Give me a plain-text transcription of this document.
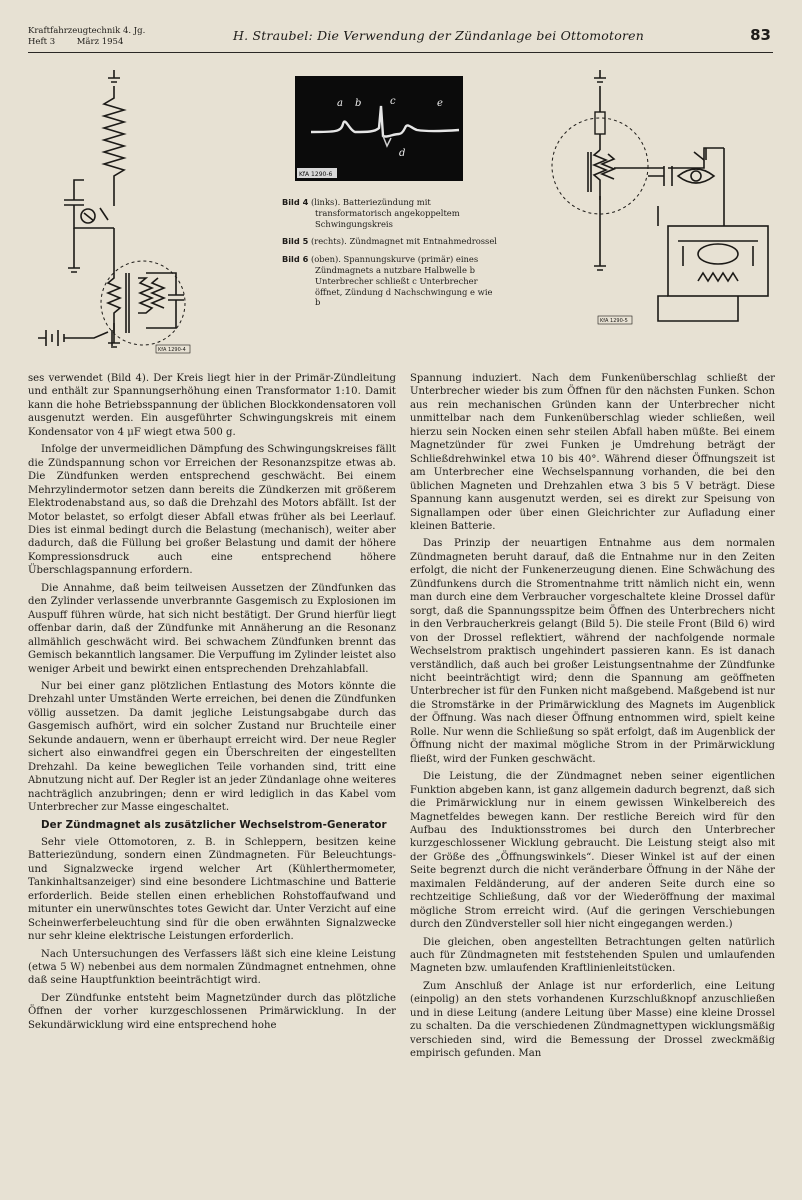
Kraftfahrzeugtechnik 4. Jg.
Heft 3        März 1954	H. Straubel: Die Verwendung der Zündanlage bei Ottomotoren	83
KfA 1290-4
a b	c	e
d
KfA 1290-6
Bild 4 (links). Batteriezündung mit transformatorisch angekoppeltem Schwingungskreis
Bild 5 (rechts). Zündmagnet mit Entnahmedrossel
Bild 6 (oben). Spannungskurve (primär) eines Zündmagnets a nutzbare Halbwelle b Unterbrecher schließt c Unterbrecher öffnet, Zündung d Nachschwingung e wie b
KfA 1290-5

ses verwendet (Bild 4). Der Kreis liegt hier in der Primär-Zündleitung und enthält zur Spannungserhöhung einen Transformator 1:10. Damit kann die hohe Betriebsspannung der üblichen Blockkondensatoren voll ausgenutzt werden. Ein ausgeführter Schwingungskreis mit einem Kondensator von 4 μF wiegt etwa 500 g.

Infolge der unvermeidlichen Dämpfung des Schwingungskreises fällt die Zündspannung schon vor Erreichen der Resonanzspitze etwas ab. Die Zündfunken werden entsprechend geschwächt. Bei einem Mehrzylindermotor setzen dann bereits die Zündkerzen mit größerem Elektrodenabstand aus, so daß die Drehzahl des Motors abfällt. Ist der Motor belastet, so erfolgt dieser Abfall etwas früher als bei Leerlauf. Dies ist einmal bedingt durch die Belastung (mechanisch), weiter aber dadurch, daß die Füllung bei großer Belastung und damit der höhere Kompressionsdruck auch eine entsprechend höhere Überschlagspannung erfordern.

Die Annahme, daß beim teilweisen Aussetzen der Zündfunken das den Zylinder verlassende unverbrannte Gasgemisch zu Explosionen im Auspuff führen würde, hat sich nicht bestätigt. Der Grund hierfür liegt offenbar darin, daß der Zündfunke mit Annäherung an die Resonanz allmählich geschwächt wird. Bei schwachem Zündfunken brennt das Gemisch bekanntlich langsamer. Die Verpuffung im Zylinder leistet also weniger Arbeit und bewirkt einen entsprechenden Drehzahlabfall.

Nur bei einer ganz plötzlichen Entlastung des Motors könnte die Drehzahl unter Umständen Werte erreichen, bei denen die Zündfunken völlig aussetzen. Da damit jegliche Leistungsabgabe durch das Gasgemisch aufhört, wird ein solcher Zustand nur Bruchteile einer Sekunde andauern, wenn er überhaupt erreicht wird. Der neue Regler sichert also einwandfrei gegen ein Überschreiten der eingestellten Drehzahl. Da keine beweglichen Teile vorhanden sind, tritt eine Abnutzung nicht auf. Der Regler ist an jeder Zündanlage ohne weiteres nachträglich anzubringen; denn er wird lediglich in das Kabel vom Unterbrecher zur Masse eingeschaltet.

Der Zündmagnet als zusätzlicher Wechselstrom-Generator

Sehr viele Ottomotoren, z. B. in Schleppern, besitzen keine Batteriezündung, sondern einen Zündmagneten. Für Beleuchtungs- und Signalzwecke irgend welcher Art (Kühlerthermometer, Tankinhaltsanzeiger) sind eine besondere Lichtmaschine und Batterie erforderlich. Beide stellen einen erheblichen Rohstoffaufwand und mitunter ein unerwünschtes totes Gewicht dar. Unter Verzicht auf eine Scheinwerferbeleuchtung sind für die oben erwähnten Signalzwecke nur sehr kleine elektrische Leistungen erforderlich.

Nach Untersuchungen des Verfassers läßt sich eine kleine Leistung (etwa 5 W) nebenbei aus dem normalen Zündmagnet entnehmen, ohne daß seine Hauptfunktion beeinträchtigt wird.

Der Zündfunke entsteht beim Magnetzünder durch das plötzliche Öffnen der vorher kurzgeschlossenen Primärwicklung. In der Sekundärwicklung wird eine entsprechend hohe

Spannung induziert. Nach dem Funkenüberschlag schließt der Unterbrecher wieder bis zum Öffnen für den nächsten Funken. Schon aus rein mechanischen Gründen kann der Unterbrecher nicht unmittelbar nach dem Funkenüberschlag wieder schließen, weil hierzu sein Nocken einen sehr steilen Abfall haben müßte. Bei einem Magnetzünder für zwei Funken je Umdrehung beträgt der Schließdrehwinkel etwa 10 bis 40°. Während dieser Öffnungszeit ist am Unterbrecher eine Wechselspannung vorhanden, die bei den üblichen Magneten und Drehzahlen etwa 3 bis 5 V beträgt. Diese Spannung kann ausgenutzt werden, sei es direkt zur Speisung von Signallampen oder über einen Gleichrichter zur Aufladung einer kleinen Batterie.

Das Prinzip der neuartigen Entnahme aus dem normalen Zündmagneten beruht darauf, daß die Entnahme nur in den Zeiten erfolgt, die nicht der Funkenerzeugung dienen. Eine Schwächung des Zündfunkens durch die Stromentnahme tritt nämlich nicht ein, wenn man durch eine dem Verbraucher vorgeschaltete kleine Drossel dafür sorgt, daß die Spannungsspitze beim Öffnen des Unterbrechers nicht in den Verbraucherkreis gelangt (Bild 5). Die steile Front (Bild 6) wird von der Drossel reflektiert, während der nachfolgende normale Wechselstrom praktisch ungehindert passieren kann. Es ist danach verständlich, daß auch bei großer Leistungsentnahme der Zündfunke nicht beeinträchtigt wird; denn die Spannung am geöffneten Unterbrecher ist für den Funken nicht maßgebend. Maßgebend ist nur die Stromstärke in der Primärwicklung des Magnets im Augenblick der Öffnung. Was nach dieser Öffnung entnommen wird, spielt keine Rolle. Nur wenn die Schließung so spät erfolgt, daß im Augenblick der Öffnung nicht der maximal mögliche Strom in der Primärwicklung fließt, wird der Funken geschwächt.

Die Leistung, die der Zündmagnet neben seiner eigentlichen Funktion abgeben kann, ist ganz allgemein dadurch begrenzt, daß sich die Primärwicklung nur in einem gewissen Winkelbereich des Magnetfeldes bewegen kann. Der restliche Bereich wird für den Aufbau des Induktionsstromes bei durch den Unterbrecher kurzgeschlossener Wicklung gebraucht. Die Leistung steigt also mit der Größe des „Öffnungswinkels“. Dieser Winkel ist auf der einen Seite begrenzt durch die nicht veränderbare Öffnung in der Nähe der maximalen Feldänderung, auf der anderen Seite durch eine so rechtzeitige Schließung, daß vor der Wiederöffnung der maximal mögliche Strom erreicht wird. (Auf die geringen Verschiebungen durch den Zündversteller soll hier nicht eingegangen werden.)

Die gleichen, oben angestellten Betrachtungen gelten natürlich auch für Zündmagneten mit feststehenden Spulen und umlaufenden Magneten bzw. umlaufenden Kraftlinienleitstücken.

Zum Anschluß der Anlage ist nur erforderlich, eine Leitung (einpolig) an den stets vorhandenen Kurzschlußknopf anzuschließen und in diese Leitung (andere Leitung über Masse) eine kleine Drossel zu schalten. Da die verschiedenen Zündmagnettypen wicklungsmäßig verschieden sind, wird die Bemessung der Drossel zweckmäßig empirisch gefunden. Man
